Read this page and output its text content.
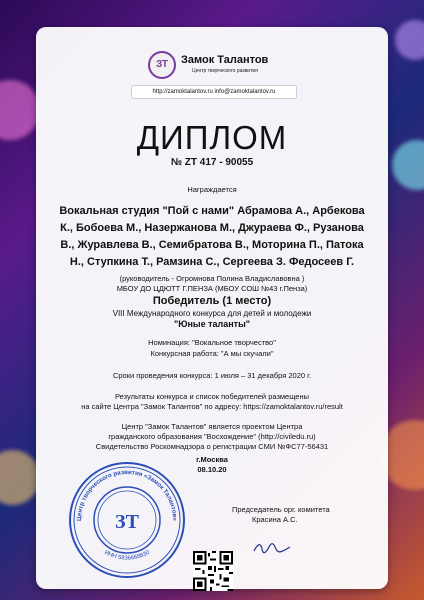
ЗТ	Замок Талантов
Центр творческого развития
http://zamoktalantov.ru info@zamoktalantov.ru
ДИПЛОМ
№ ZT 417 - 90055
Награждается
Вокальная студия "Пой с нами" Абрамова А., Арбекова
К., Бобоева М., Назержанова М., Джураева Ф., Рузанова
В., Журавлева В., Семибратова В., Моторина П., Патока
Н., Ступкина Т., Рамзина С., Сергеева З. Федосеев Г.
(руководитель - Огромнова Полина Владиславовна )
МБОУ ДО ЦДЮТТ Г.ПЕНЗА (МБОУ СОШ №43 г.Пенза)
Победитель (1 место)
VIII Международного конкурса для детей и молодежи
"Юные таланты"
Номинация: "Вокальное творчество"
Конкурсная работа: "А мы скучали"
Сроки проведения конкурса: 1 июля – 31 декабря 2020 г.
Результаты конкурса и список победителей размещены
на сайте Центра "Замок Талантов" по адресу: https://zamoktalantov.ru/result
Центр "Замок Талантов" является проектом Центра
гражданского образования "Восхождение" (http://civiledu.ru)
Свидетельство Роскомнадзора о регистрации СМИ №ФС77-56431
г.Москва
08.10.20
Центр творческого развития «Замок Талантов»
ИНН 5836668830
ЗТ
Председатель орг. комитета
Красина А.С.
